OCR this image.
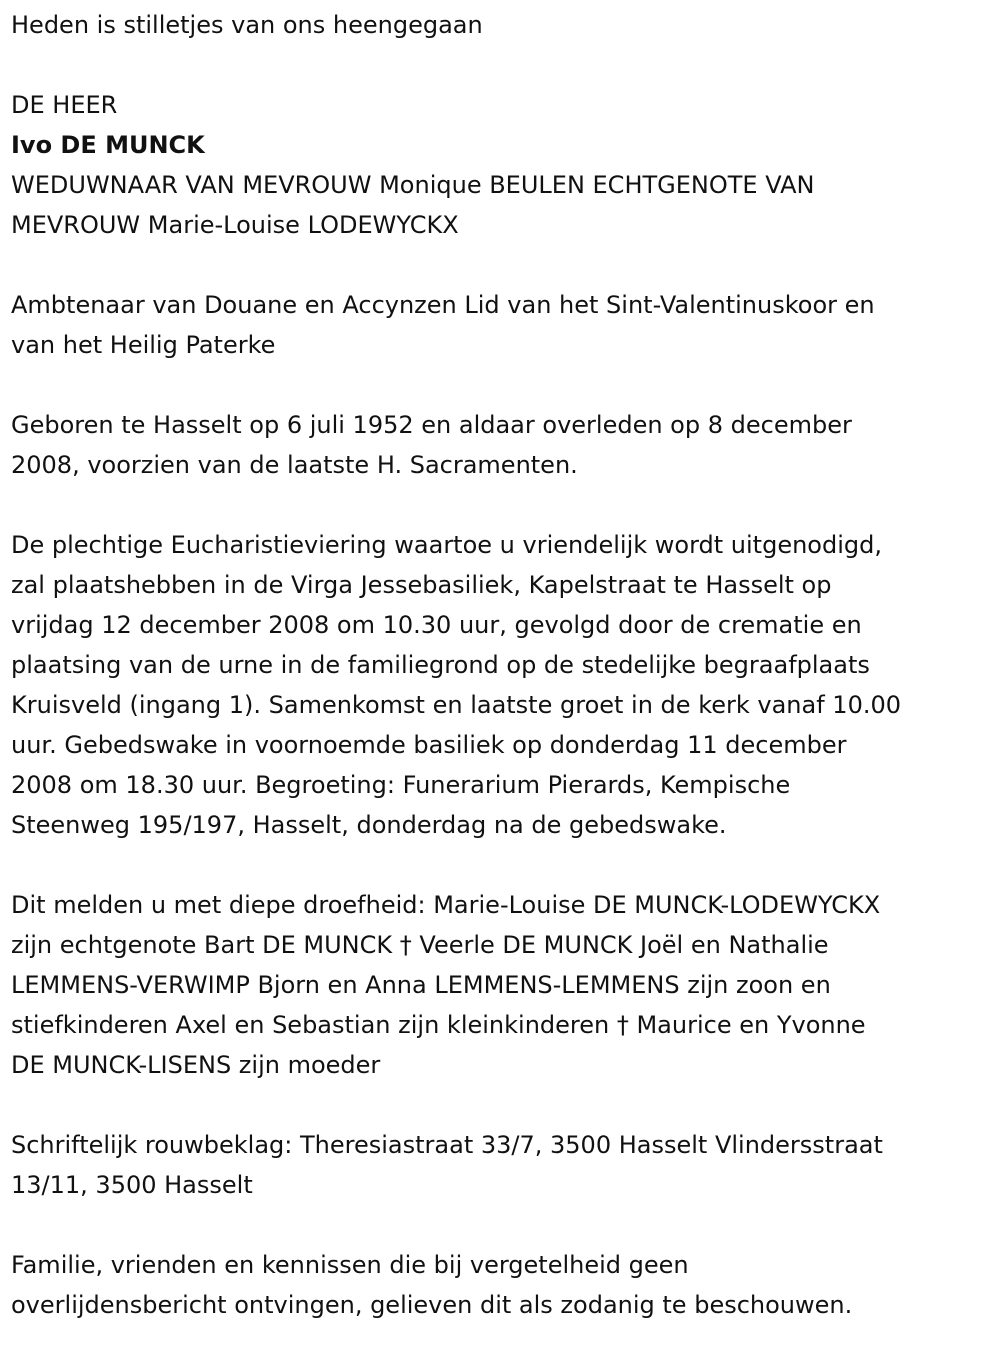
Heden is stilletjes van ons heengegaan
DE HEER
Ivo DE MUNCK
WEDUWNAAR VAN MEVROUW Monique BEULEN ECHTGENOTE VAN
MEVROUW Marie-Louise LODEWYCKX
Ambtenaar van Douane en Accynzen Lid van het Sint-Valentinuskoor en
van het Heilig Paterke
Geboren te Hasselt op 6 juli 1952 en aldaar overleden op 8 december
2008, voorzien van de laatste H. Sacramenten.
De plechtige Eucharistieviering waartoe u vriendelijk wordt uitgenodigd,
zal plaatshebben in de Virga Jessebasiliek, Kapelstraat te Hasselt op
vrijdag 12 december 2008 om 10.30 uur, gevolgd door de crematie en
plaatsing van de urne in de familiegrond op de stedelijke begraafplaats
Kruisveld (ingang 1). Samenkomst en laatste groet in de kerk vanaf 10.00
uur. Gebedswake in voornoemde basiliek op donderdag 11 december
2008 om 18.30 uur. Begroeting: Funerarium Pierards, Kempische
Steenweg 195/197, Hasselt, donderdag na de gebedswake.
Dit melden u met diepe droefheid: Marie-Louise DE MUNCK-LODEWYCKX
zijn echtgenote Bart DE MUNCK † Veerle DE MUNCK Joël en Nathalie
LEMMENS-VERWIMP Bjorn en Anna LEMMENS-LEMMENS zijn zoon en
stiefkinderen Axel en Sebastian zijn kleinkinderen † Maurice en Yvonne
DE MUNCK-LISENS zijn moeder
Schriftelijk rouwbeklag: Theresiastraat 33/7, 3500 Hasselt Vlindersstraat
13/11, 3500 Hasselt
Familie, vrienden en kennissen die bij vergetelheid geen
overlijdensbericht ontvingen, gelieven dit als zodanig te beschouwen.
